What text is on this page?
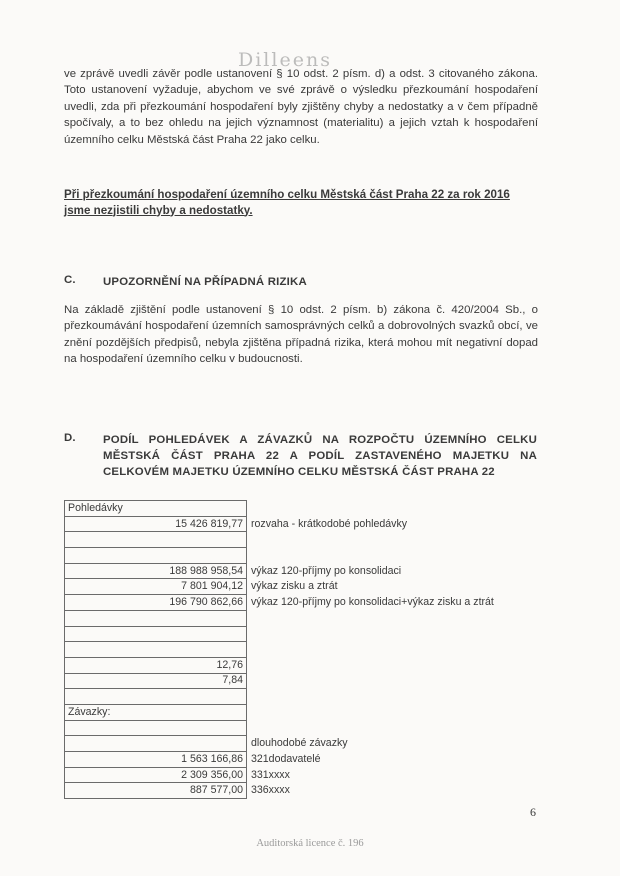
Dilleens

ve zprávě uvedli závěr podle ustanovení § 10 odst. 2 písm. d) a odst. 3 citovaného zákona. Toto ustanovení vyžaduje, abychom ve své zprávě o výsledku přezkoumání hospodaření uvedli, zda při přezkoumání hospodaření byly zjištěny chyby a nedostatky a v čem případně spočívaly, a to bez ohledu na jejich významnost (materialitu) a jejich vztah k hospodaření územního celku Městská část Praha 22 jako celku.

Při přezkoumání hospodaření územního celku Městská část Praha 22 za rok 2016 jsme nezjistili chyby a nedostatky.
C. UPOZORNĚNÍ NA PŘÍPADNÁ RIZIKA

Na základě zjištění podle ustanovení § 10 odst. 2 písm. b) zákona č. 420/2004 Sb., o přezkoumávání hospodaření územních samosprávných celků a dobrovolných svazků obcí, ve znění pozdějších předpisů, nebyla zjištěna případná rizika, která mohou mít negativní dopad na hospodaření územního celku v budoucnosti.

D. PODÍL POHLEDÁVEK A ZÁVAZKŮ NA ROZPOČTU ÚZEMNÍHO CELKU MĚSTSKÁ ČÁST PRAHA 22 A PODÍL ZASTAVENÉHO MAJETKU NA CELKOVÉM MAJETKU ÚZEMNÍHO CELKU MĚSTSKÁ ČÁST PRAHA 22
Pohledávky	
15 426 819,77	rozvaha - krátkodobé pohledávky

188 988 958,54	výkaz 120-příjmy po konsolidaci
7 801 904,12	výkaz zisku a ztrát
196 790 862,66	výkaz 120-příjmy po konsolidaci+výkaz zisku a ztrát

12,76	
7,84	

Závazky:	

	dlouhodobé závazky
1 563 166,86	321dodavatelé
2 309 356,00	331xxxx
887 577,00	336xxxx
6
Auditorská licence č. 196
